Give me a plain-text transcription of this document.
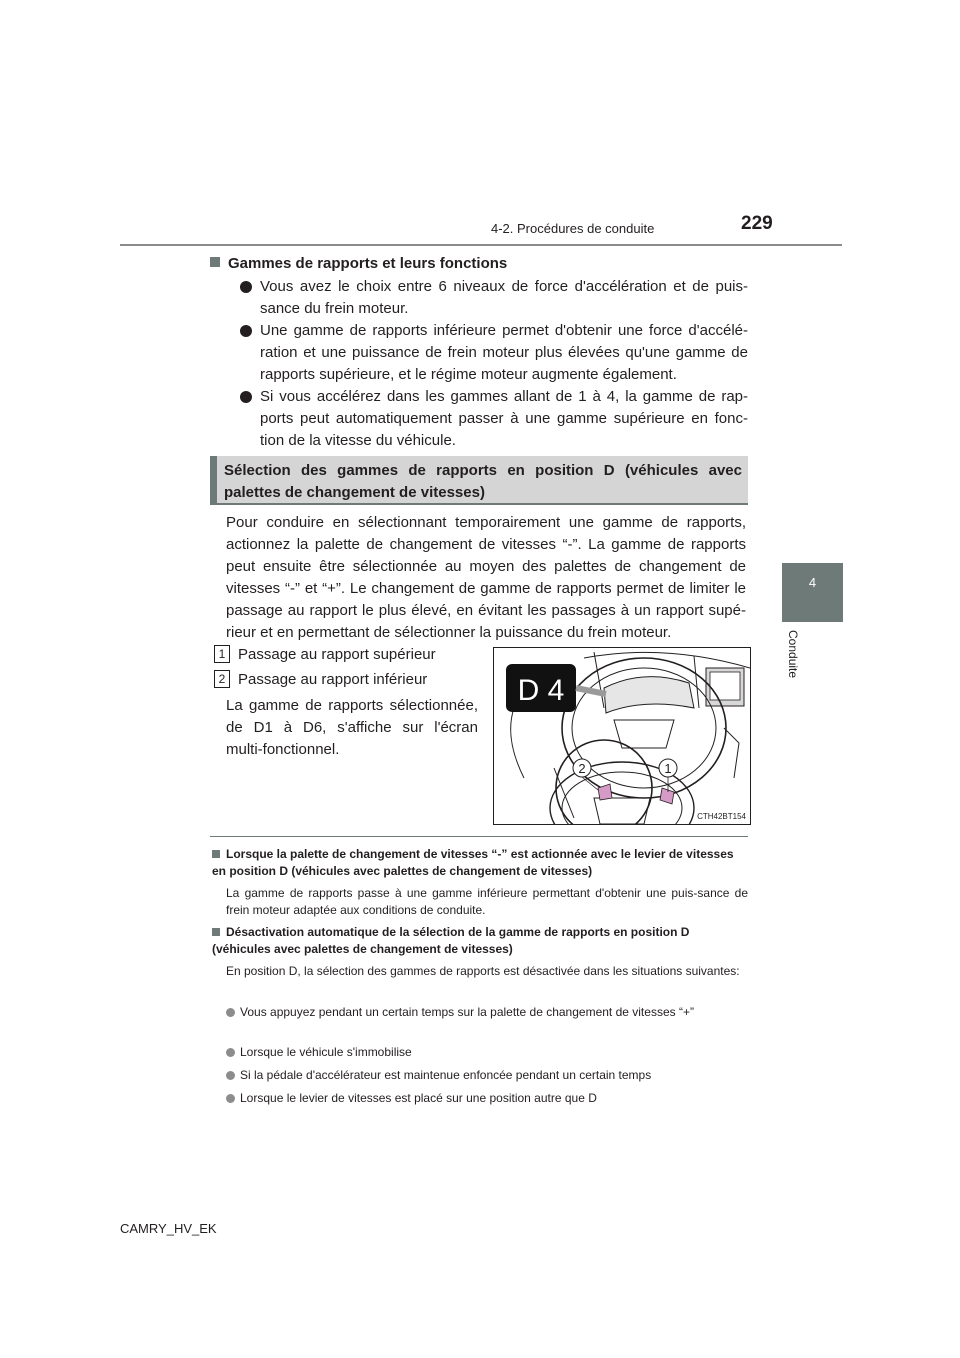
4-2. Procédures de conduite	229
4
Conduite
Gammes de rapports et leurs fonctions
Vous avez le choix entre 6 niveaux de force d'accélération et de puis-sance du frein moteur.
Une gamme de rapports inférieure permet d'obtenir une force d'accélé-ration et une puissance de frein moteur plus élevées qu'une gamme de rapports supérieure, et le régime moteur augmente également.
Si vous accélérez dans les gammes allant de 1 à 4, la gamme de rap-ports peut automatiquement passer à une gamme supérieure en fonc-tion de la vitesse du véhicule.
Sélection des gammes de rapports en position D (véhicules avec palettes de changement de vitesses)
Pour conduire en sélectionnant temporairement une gamme de rapports, actionnez la palette de changement de vitesses “-”. La gamme de rapports peut ensuite être sélectionnée au moyen des palettes de changement de vitesses “-” et “+”. Le changement de gamme de rapports permet de limiter le passage au rapport le plus élevé, en évitant les passages à un rapport supé-rieur et en permettant de sélectionner la puissance du frein moteur.
1 Passage au rapport supérieur
2 Passage au rapport inférieur
La gamme de rapports sélectionnée, de D1 à D6, s'affiche sur l'écran multi-fonctionnel.
D 4
2	1
CTH42BT154
Lorsque la palette de changement de vitesses “-” est actionnée avec le levier de vitesses en position D (véhicules avec palettes de changement de vitesses)
La gamme de rapports passe à une gamme inférieure permettant d'obtenir une puis-sance de frein moteur adaptée aux conditions de conduite.
Désactivation automatique de la sélection de la gamme de rapports en position D (véhicules avec palettes de changement de vitesses)
En position D, la sélection des gammes de rapports est désactivée dans les situations suivantes:
Vous appuyez pendant un certain temps sur la palette de changement de vitesses “+”
Lorsque le véhicule s'immobilise
Si la pédale d'accélérateur est maintenue enfoncée pendant un certain temps
Lorsque le levier de vitesses est placé sur une position autre que D
CAMRY_HV_EK
